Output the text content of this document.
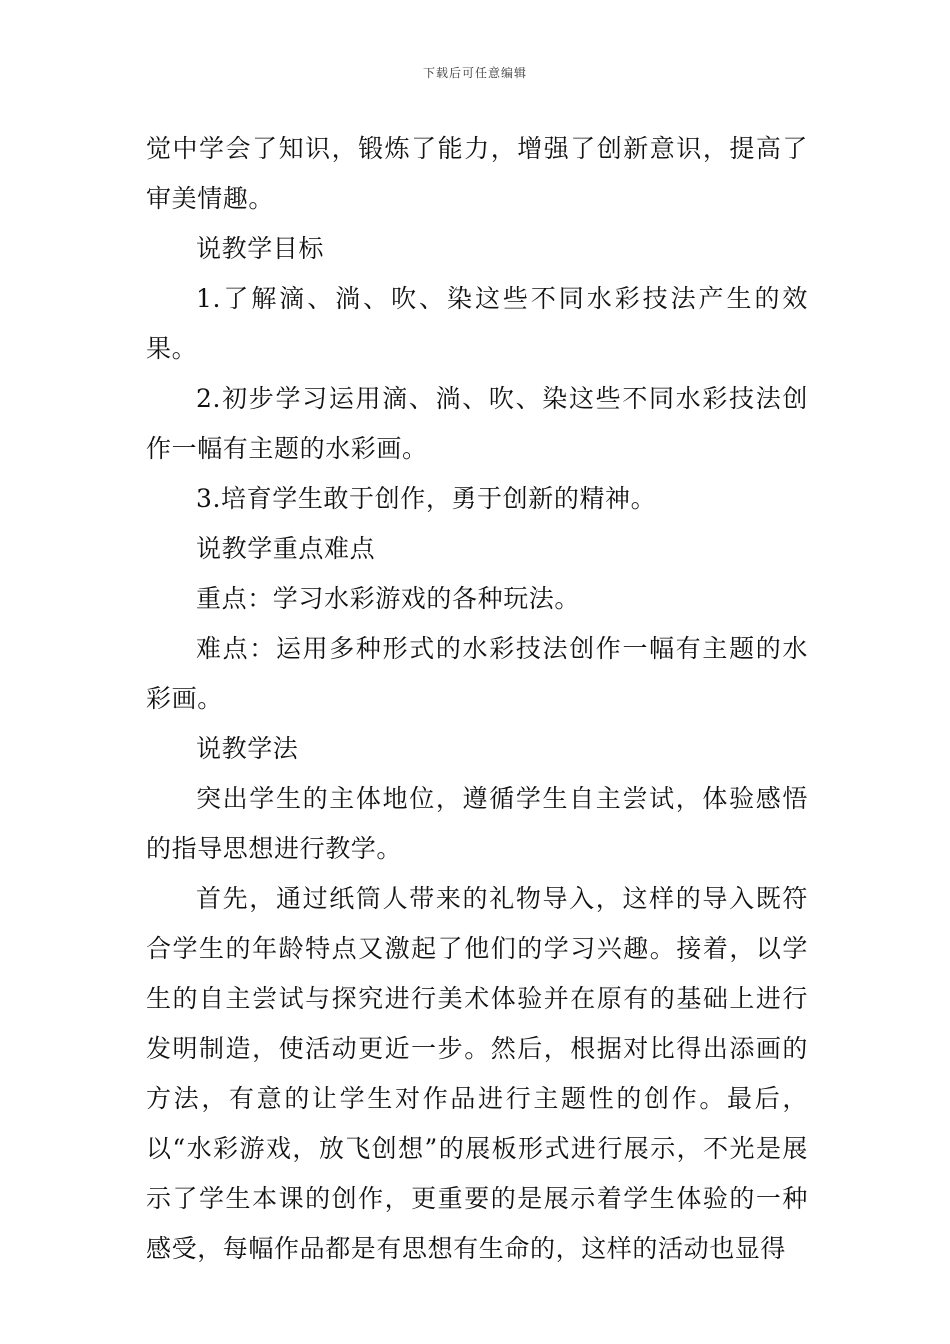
下载后可任意编辑

觉中学会了知识，锻炼了能力，增强了创新意识，提高了审美情趣。

说教学目标

1.了解滴、淌、吹、染这些不同水彩技法产生的效果。

2.初步学习运用滴、淌、吹、染这些不同水彩技法创作一幅有主题的水彩画。

3.培育学生敢于创作，勇于创新的精神。

说教学重点难点

重点：学习水彩游戏的各种玩法。

难点：运用多种形式的水彩技法创作一幅有主题的水彩画。

说教学法

突出学生的主体地位，遵循学生自主尝试，体验感悟的指导思想进行教学。

首先，通过纸筒人带来的礼物导入，这样的导入既符合学生的年龄特点又激起了他们的学习兴趣。接着，以学生的自主尝试与探究进行美术体验并在原有的基础上进行发明制造，使活动更近一步。然后，根据对比得出添画的方法，有意的让学生对作品进行主题性的创作。最后，以“水彩游戏，放飞创想”的展板形式进行展示，不光是展示了学生本课的创作，更重要的是展示着学生体验的一种感受，每幅作品都是有思想有生命的，这样的活动也显得
